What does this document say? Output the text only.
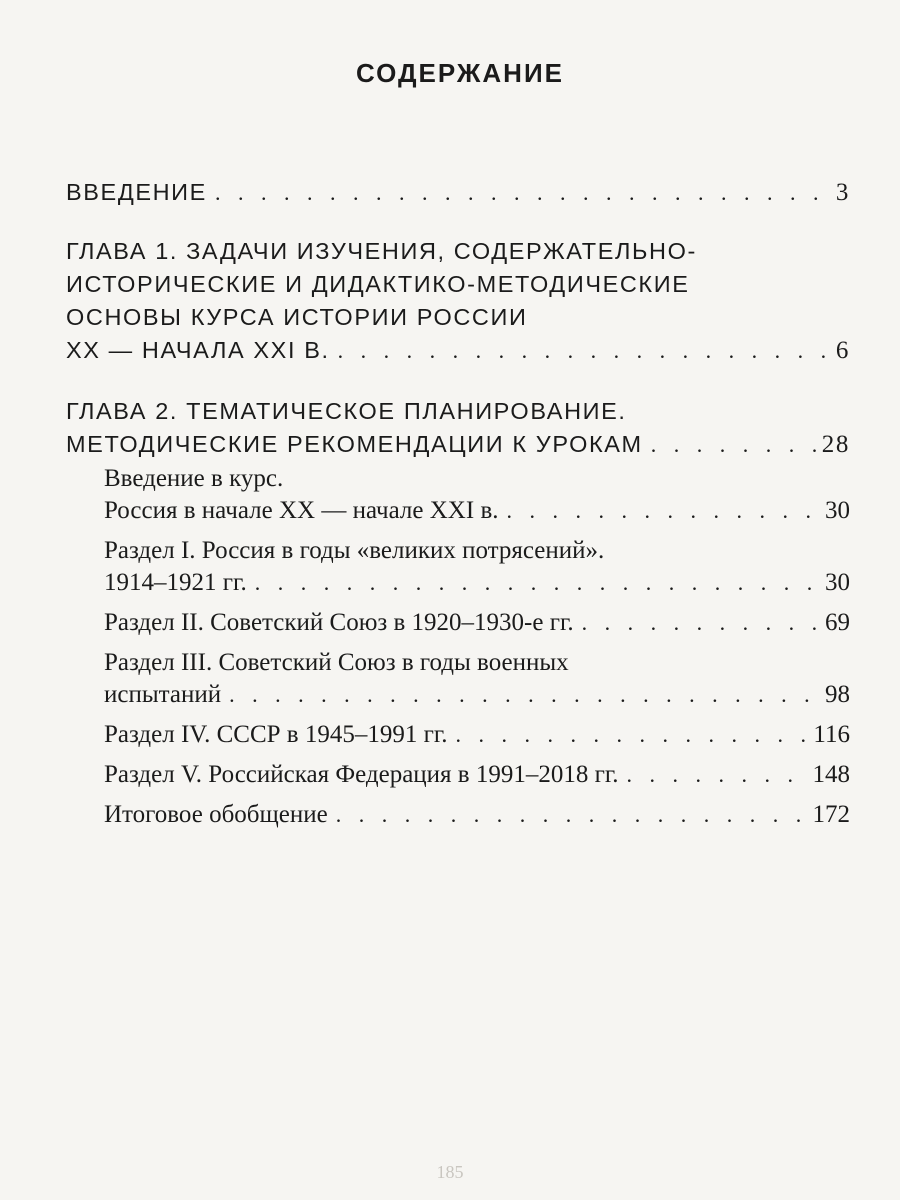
СОДЕРЖАНИЕ
ВВЕДЕНИЕ . . .	3
ГЛАВА 1. ЗАДАЧИ ИЗУЧЕНИЯ, СОДЕРЖАТЕЛЬНО-
ИСТОРИЧЕСКИЕ И ДИДАКТИКО-МЕТОДИЧЕСКИЕ
ОСНОВЫ КУРСА ИСТОРИИ РОССИИ
XX — НАЧАЛА XXI В. . . .	6
ГЛАВА 2. ТЕМАТИЧЕСКОЕ ПЛАНИРОВАНИЕ.
МЕТОДИЧЕСКИЕ РЕКОМЕНДАЦИИ К УРОКАМ . . .	28
Введение в курс.
Россия в начале XX — начале XXI в. . . .	30
Раздел I. Россия в годы «великих потрясений».
1914–1921 гг. . . .	30
Раздел II. Советский Союз в 1920–1930-е гг. . . .	69
Раздел III. Советский Союз в годы военных
испытаний . . .	98
Раздел IV. СССР в 1945–1991 гг. . . .	116
Раздел V. Российская Федерация в 1991–2018 гг. . . .	148
Итоговое обобщение . . .	172
185
